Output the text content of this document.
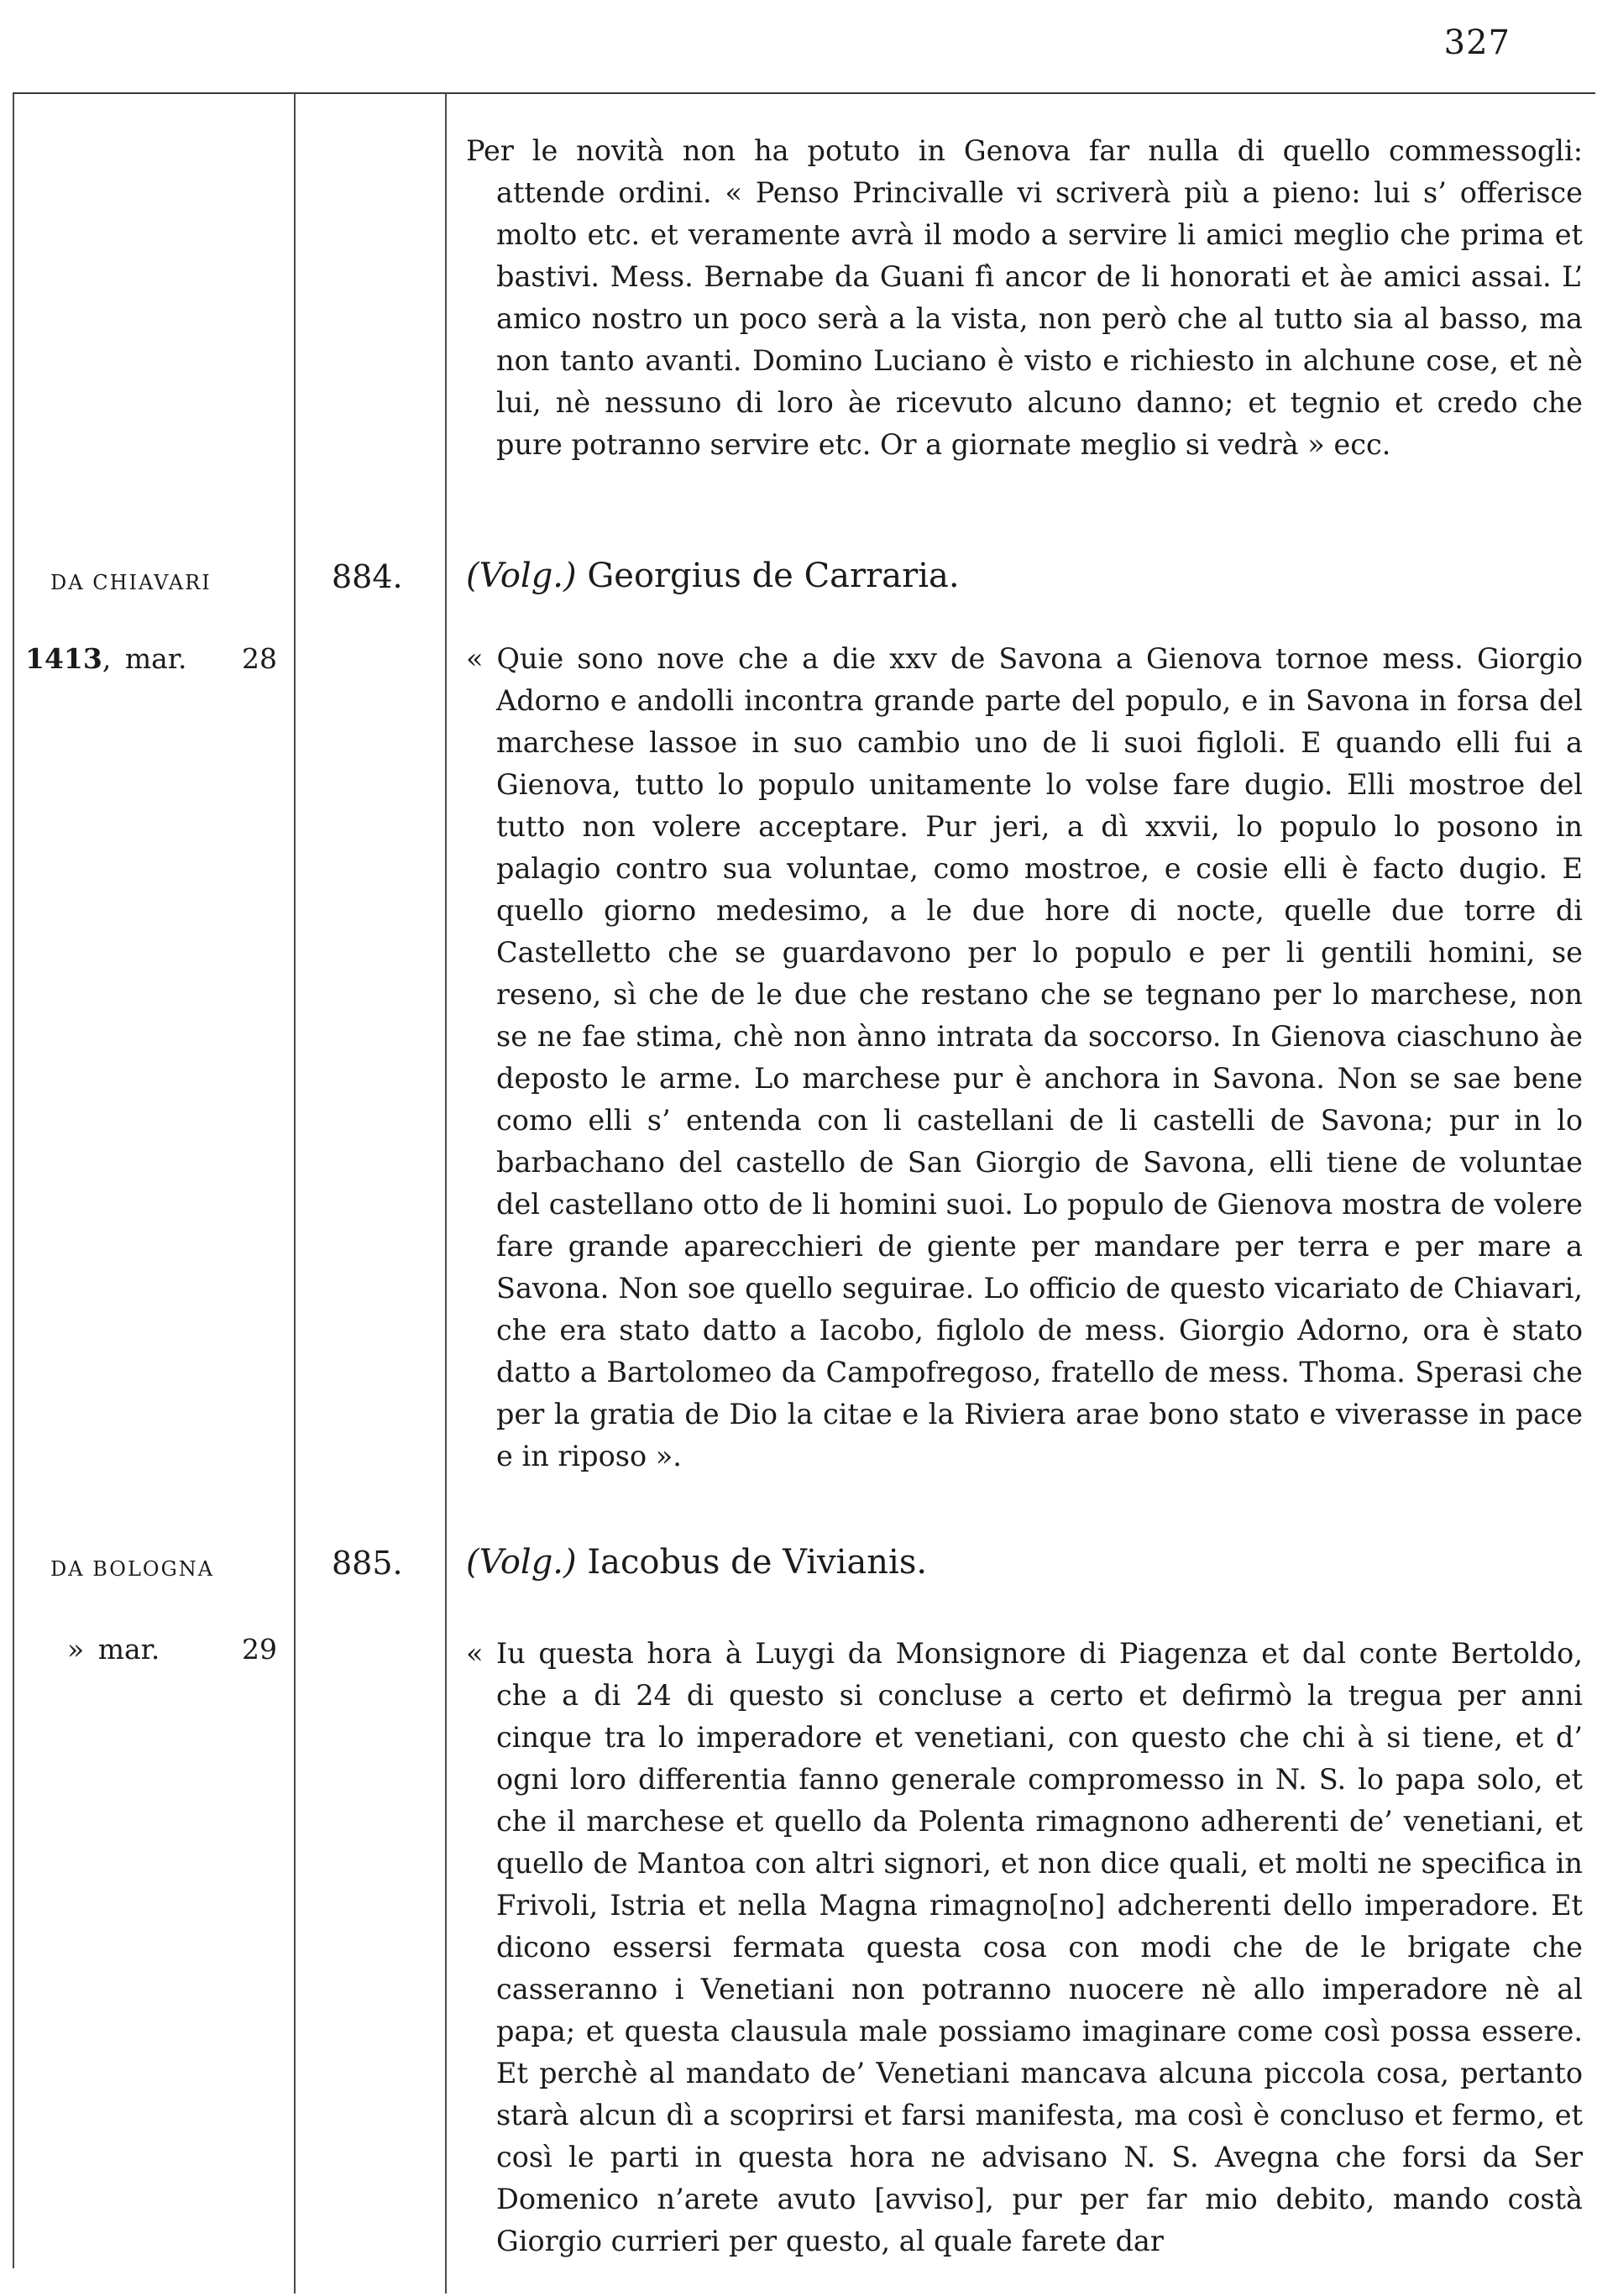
327

Per le novità non ha potuto in Genova far nulla di quello commessogli: attende ordini. « Penso Princivalle vi scriverà più a pieno: lui s’ offerisce molto etc. et veramente avrà il modo a servire li amici meglio che prima et bastivi. Mess. Bernabe da Guani fì ancor de li honorati et àe amici assai. L’ amico nostro un poco serà a la vista, non però che al tutto sia al basso, ma non tanto avanti. Domino Luciano è visto e richiesto in alchune cose, et nè lui, nè nessuno di loro àe ricevuto alcuno danno; et tegnio et credo che pure potranno servire etc. Or a giornate meglio si vedrà » ecc.

DA CHIAVARI	884. (Volg.) Georgius de Carraria.
1413, mar. 28	« Quie sono nove che a die xxv de Savona a Gienova tornoe mess. Giorgio Adorno e andolli incontra grande parte del populo, e in Savona in forsa del marchese lassoe in suo cambio uno de li suoi figloli. E quando elli fui a Gienova, tutto lo populo unitamente lo volse fare dugio. Elli mostroe del tutto non volere acceptare. Pur jeri, a dì xxvii, lo populo lo posono in palagio contro sua voluntae, como mostroe, e cosie elli è facto dugio. E quello giorno medesimo, a le due hore di nocte, quelle due torre di Castelletto che se guardavono per lo populo e per li gentili homini, se reseno, sì che de le due che restano che se tegnano per lo marchese, non se ne fae stima, chè non ànno intrata da soccorso. In Gienova ciaschuno àe deposto le arme. Lo marchese pur è anchora in Savona. Non se sae bene como elli s’ entenda con li castellani de li castelli de Savona; pur in lo barbachano del castello de San Giorgio de Savona, elli tiene de voluntae del castellano otto de li homini suoi. Lo populo de Gienova mostra de volere fare grande aparecchieri de giente per mandare per terra e per mare a Savona. Non soe quello seguirae. Lo officio de questo vicariato de Chiavari, che era stato datto a Iacobo, figlolo de mess. Giorgio Adorno, ora è stato datto a Bartolomeo da Campofregoso, fratello de mess. Thoma. Sperasi che per la gratia de Dio la citae e la Riviera arae bono stato e viverasse in pace e in riposo ».

DA BOLOGNA	885. (Volg.) Iacobus de Vivianis.
» mar.	29	« Iu questa hora à Luygi da Monsignore di Piagenza et dal conte Bertoldo, che a di 24 di questo si concluse a certo et defirmò la tregua per anni cinque tra lo imperadore et venetiani, con questo che chi à si tiene, et d’ ogni loro differentia fanno generale compromesso in N. S. lo papa solo, et che il marchese et quello da Polenta rimagnono adherenti de’ venetiani, et quello de Mantoa con altri signori, et non dice quali, et molti ne specifica in Frivoli, Istria et nella Magna rimagno[no] adcherenti dello imperadore. Et dicono essersi fermata questa cosa con modi che de le brigate che casseranno i Venetiani non potranno nuocere nè allo imperadore nè al papa; et questa clausula male possiamo imaginare come così possa essere. Et perchè al mandato de’ Venetiani mancava alcuna piccola cosa, pertanto starà alcun dì a scoprirsi et farsi manifesta, ma così è concluso et fermo, et così le parti in questa hora ne advisano N. S. Avegna che forsi da Ser Domenico n’arete avuto [avviso], pur per far mio debito, mando costà Giorgio currieri per questo, al quale farete dar
